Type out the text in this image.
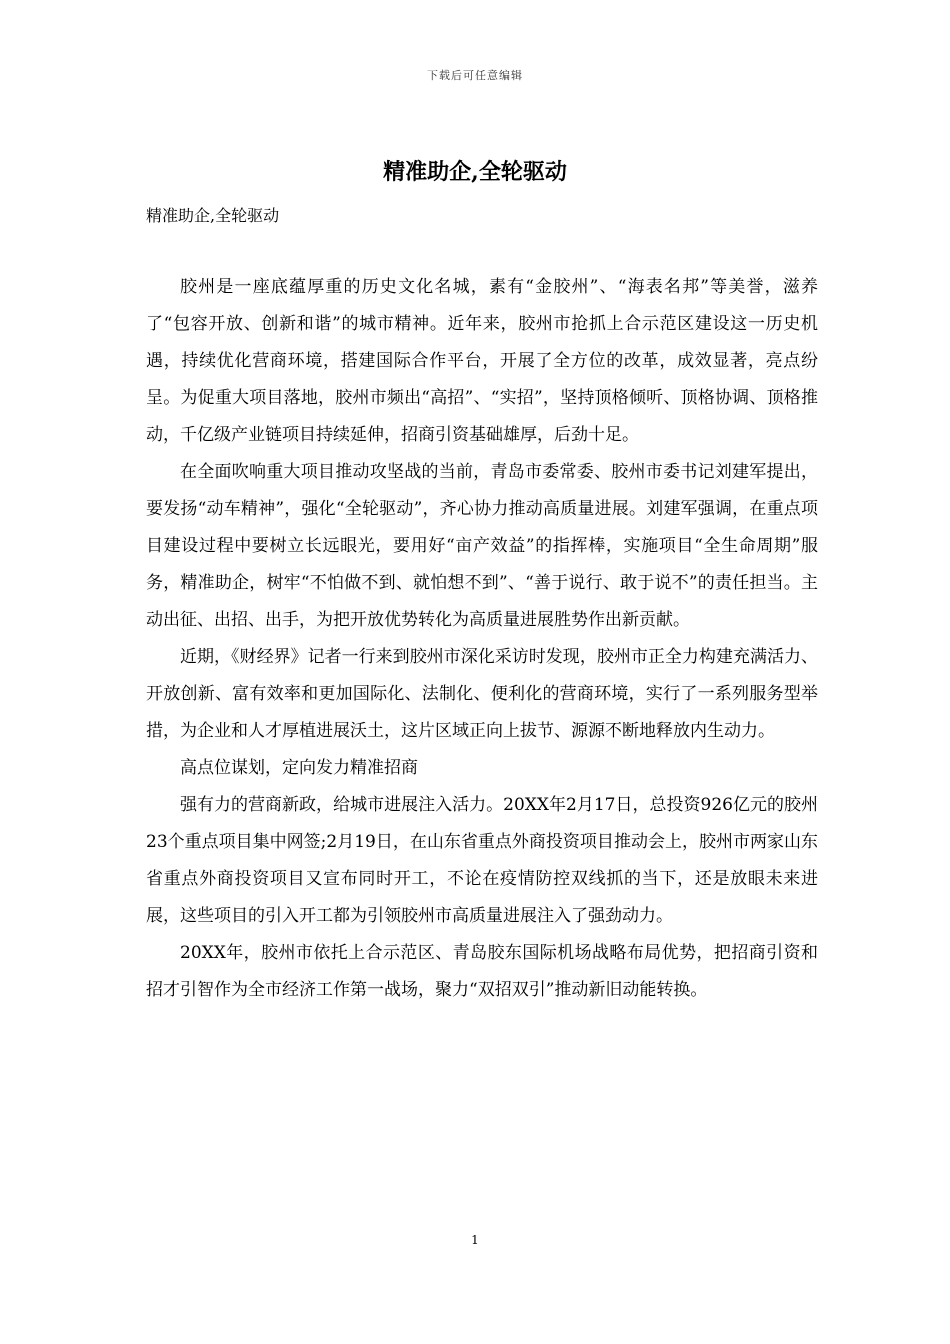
下载后可任意编辑
精准助企,全轮驱动

精准助企,全轮驱动

胶州是一座底蕴厚重的历史文化名城，素有“金胶州”、“海表名邦”等美誉，滋养了“包容开放、创新和谐”的城市精神。近年来，胶州市抢抓上合示范区建设这一历史机遇，持续优化营商环境，搭建国际合作平台，开展了全方位的改革，成效显著，亮点纷呈。为促重大项目落地，胶州市频出“高招”、“实招”，坚持顶格倾听、顶格协调、顶格推动，千亿级产业链项目持续延伸，招商引资基础雄厚，后劲十足。

在全面吹响重大项目推动攻坚战的当前，青岛市委常委、胶州市委书记刘建军提出，要发扬“动车精神”，强化“全轮驱动”，齐心协力推动高质量进展。刘建军强调，在重点项目建设过程中要树立长远眼光，要用好“亩产效益”的指挥棒，实施项目“全生命周期”服务，精准助企，树牢“不怕做不到、就怕想不到”、“善于说行、敢于说不”的责任担当。主动出征、出招、出手，为把开放优势转化为高质量进展胜势作出新贡献。

近期，《财经界》记者一行来到胶州市深化采访时发现，胶州市正全力构建充满活力、开放创新、富有效率和更加国际化、法制化、便利化的营商环境，实行了一系列服务型举措，为企业和人才厚植进展沃土，这片区域正向上拔节、源源不断地释放内生动力。

高点位谋划，定向发力精准招商

强有力的营商新政，给城市进展注入活力。20XX年2月17日，总投资926亿元的胶州23个重点项目集中网签;2月19日，在山东省重点外商投资项目推动会上，胶州市两家山东省重点外商投资项目又宣布同时开工，不论在疫情防控双线抓的当下，还是放眼未来进展，这些项目的引入开工都为引领胶州市高质量进展注入了强劲动力。

20XX年，胶州市依托上合示范区、青岛胶东国际机场战略布局优势，把招商引资和招才引智作为全市经济工作第一战场，聚力“双招双引”推动新旧动能转换。

1
